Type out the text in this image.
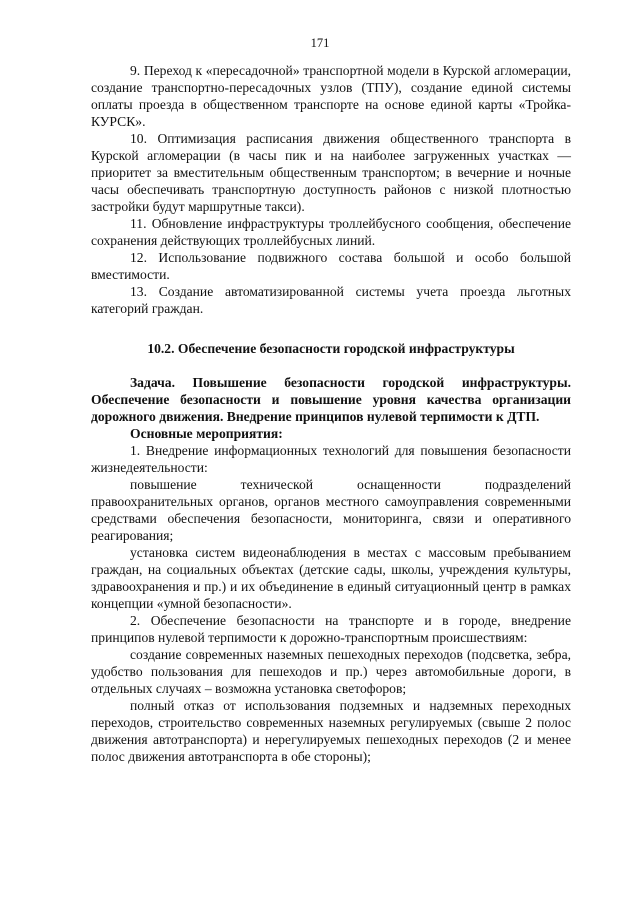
171

9. Переход к «пересадочной» транспортной модели в Курской агломерации, создание транспортно-пересадочных узлов (ТПУ), создание единой системы оплаты проезда в общественном транспорте на основе единой карты «Тройка-КУРСК».

10. Оптимизация расписания движения общественного транспорта в Курской агломерации (в часы пик и на наиболее загруженных участках — приоритет за вместительным общественным транспортом; в вечерние и ночные часы обеспечивать транспортную доступность районов с низкой плотностью застройки будут маршрутные такси).

11. Обновление инфраструктуры троллейбусного сообщения, обеспечение сохранения действующих троллейбусных линий.

12. Использование подвижного состава большой и особо большой вместимости.

13. Создание автоматизированной системы учета проезда льготных категорий граждан.

10.2. Обеспечение безопасности городской инфраструктуры

Задача. Повышение безопасности городской инфраструктуры. Обеспечение безопасности и повышение уровня качества организации дорожного движения. Внедрение принципов нулевой терпимости к ДТП.

Основные мероприятия:

1. Внедрение информационных технологий для повышения безопасности жизнедеятельности:

повышение технической оснащенности подразделений правоохранительных органов, органов местного самоуправления современными средствами обеспечения безопасности, мониторинга, связи и оперативного реагирования;

установка систем видеонаблюдения в местах с массовым пребыванием граждан, на социальных объектах (детские сады, школы, учреждения культуры, здравоохранения и пр.) и их объединение в единый ситуационный центр в рамках концепции «умной безопасности».

2. Обеспечение безопасности на транспорте и в городе, внедрение принципов нулевой терпимости к дорожно-транспортным происшествиям:

создание современных наземных пешеходных переходов (подсветка, зебра, удобство пользования для пешеходов и пр.) через автомобильные дороги, в отдельных случаях – возможна установка светофоров;

полный отказ от использования подземных и надземных переходных переходов, строительство современных наземных регулируемых (свыше 2 полос движения автотранспорта) и нерегулируемых пешеходных переходов (2 и менее полос движения автотранспорта в обе стороны);
